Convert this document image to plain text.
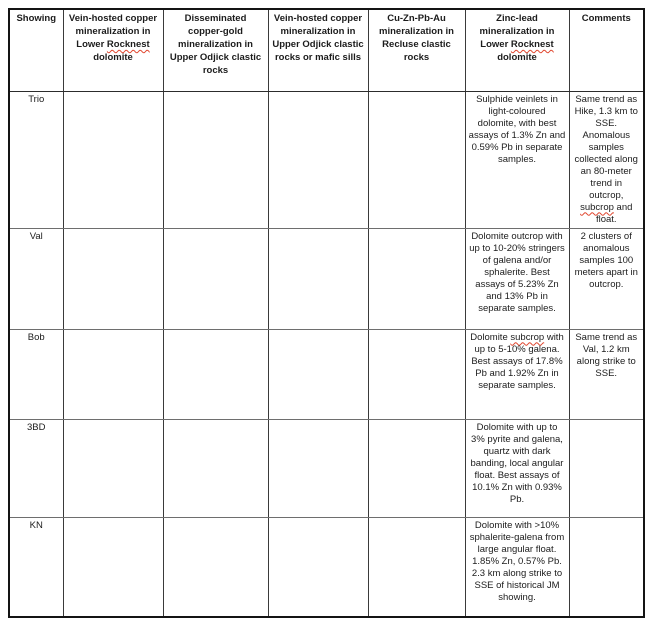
Showing	Vein-hosted copper mineralization in Lower Rocknest dolomite	Disseminated copper-gold mineralization in Upper Odjick clastic rocks	Vein-hosted copper mineralization in Upper Odjick clastic rocks or mafic sills	Cu-Zn-Pb-Au mineralization in Recluse clastic rocks	Zinc-lead mineralization in Lower Rocknest dolomite	Comments
Trio					Sulphide veinlets in light-coloured dolomite, with best assays of 1.3% Zn and 0.59% Pb in separate samples.	Same trend as Hike, 1.3 km to SSE. Anomalous samples collected along an 80-meter trend in outcrop, subcrop and float.
Val					Dolomite outcrop with up to 10-20% stringers of galena and/or sphalerite. Best assays of 5.23% Zn and 13% Pb in separate samples.	2 clusters of anomalous samples 100 meters apart in outcrop.
Bob					Dolomite subcrop with up to 5-10% galena. Best assays of 17.8% Pb and 1.92% Zn in separate samples.	Same trend as Val, 1.2 km along strike to SSE.
3BD					Dolomite with up to 3% pyrite and galena, quartz with dark banding, local angular float. Best assays of 10.1% Zn with 0.93% Pb.	
KN					Dolomite with >10% sphalerite-galena from large angular float. 1.85% Zn, 0.57% Pb. 2.3 km along strike to SSE of historical JM showing.	
